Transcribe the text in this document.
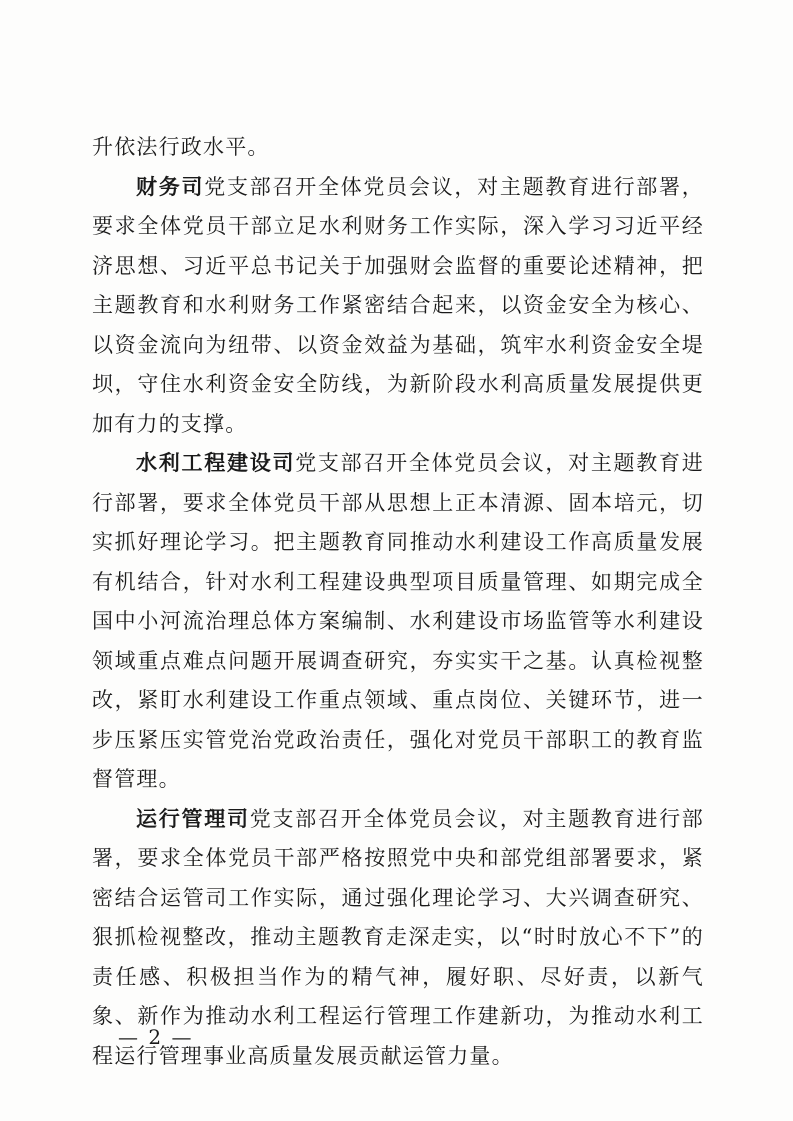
升依法行政水平。

财务司党支部召开全体党员会议，对主题教育进行部署，要求全体党员干部立足水利财务工作实际，深入学习习近平经济思想、习近平总书记关于加强财会监督的重要论述精神，把主题教育和水利财务工作紧密结合起来，以资金安全为核心、以资金流向为纽带、以资金效益为基础，筑牢水利资金安全堤坝，守住水利资金安全防线，为新阶段水利高质量发展提供更加有力的支撑。

水利工程建设司党支部召开全体党员会议，对主题教育进行部署，要求全体党员干部从思想上正本清源、固本培元，切实抓好理论学习。把主题教育同推动水利建设工作高质量发展有机结合，针对水利工程建设典型项目质量管理、如期完成全国中小河流治理总体方案编制、水利建设市场监管等水利建设领域重点难点问题开展调查研究，夯实实干之基。认真检视整改，紧盯水利建设工作重点领域、重点岗位、关键环节，进一步压紧压实管党治党政治责任，强化对党员干部职工的教育监督管理。

运行管理司党支部召开全体党员会议，对主题教育进行部署，要求全体党员干部严格按照党中央和部党组部署要求，紧密结合运管司工作实际，通过强化理论学习、大兴调查研究、狠抓检视整改，推动主题教育走深走实，以“时时放心不下”的责任感、积极担当作为的精气神，履好职、尽好责，以新气象、新作为推动水利工程运行管理工作建新功，为推动水利工程运行管理事业高质量发展贡献运管力量。

— 2 —
